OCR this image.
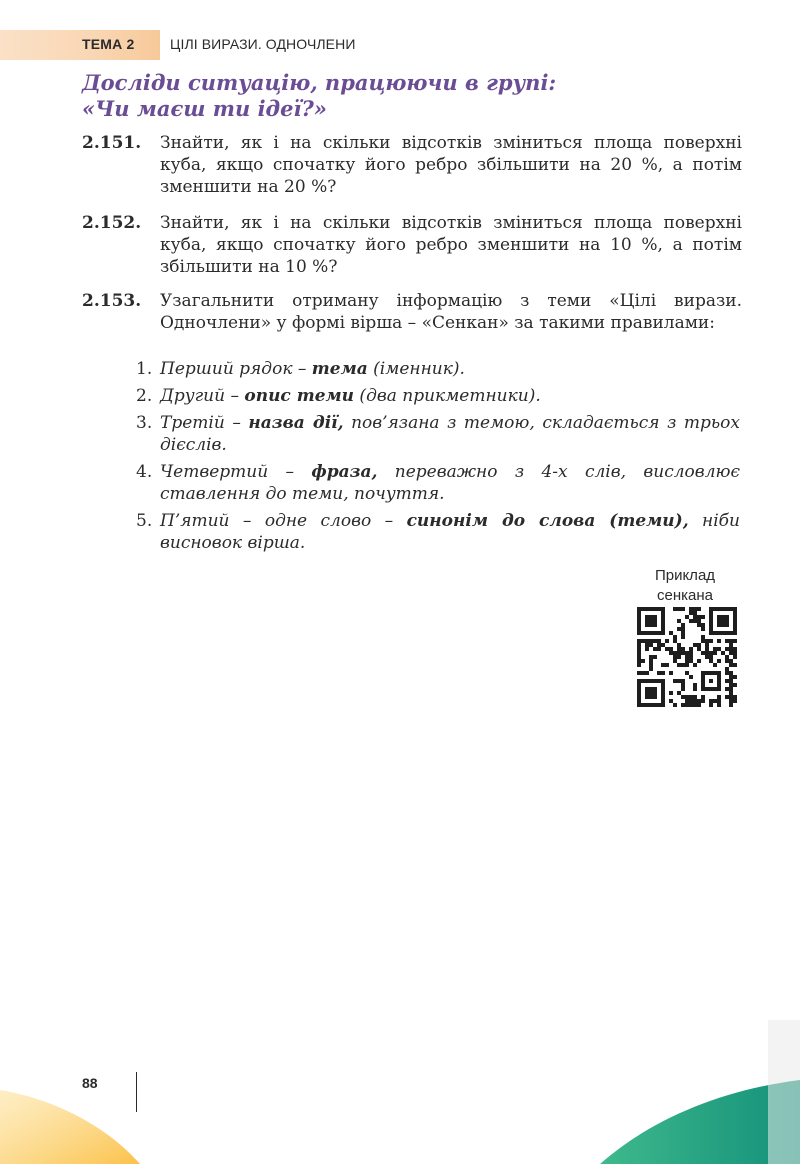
ТЕМА 2	ЦІЛІ ВИРАЗИ. ОДНОЧЛЕНИ
Досліди ситуацію, працюючи в групі:
«Чи маєш ти ідеї?»
2.151. Знайти, як і на скільки відсотків зміниться площа поверхні куба, якщо спочатку його ребро збільшити на 20 %, а потім зменшити на 20 %?
2.152. Знайти, як і на скільки відсотків зміниться площа поверхні куба, якщо спочатку його ребро зменшити на 10 %, а потім збільшити на 10 %?
2.153. Узагальнити отриману інформацію з теми «Цілі вирази. Одночлени» у формі вірша – «Сенкан» за такими правилами:
1. Перший рядок – тема (іменник).
2. Другий – опис теми (два прикметники).
3. Третій – назва дії, пов’язана з темою, складається з трьох дієслів.
4. Четвертий – фраза, переважно з 4-х слів, висловлює ставлення до теми, почуття.
5. П’ятий – одне слово – синонім до слова (теми), ніби висновок вірша.
Приклад
сенкана
88
